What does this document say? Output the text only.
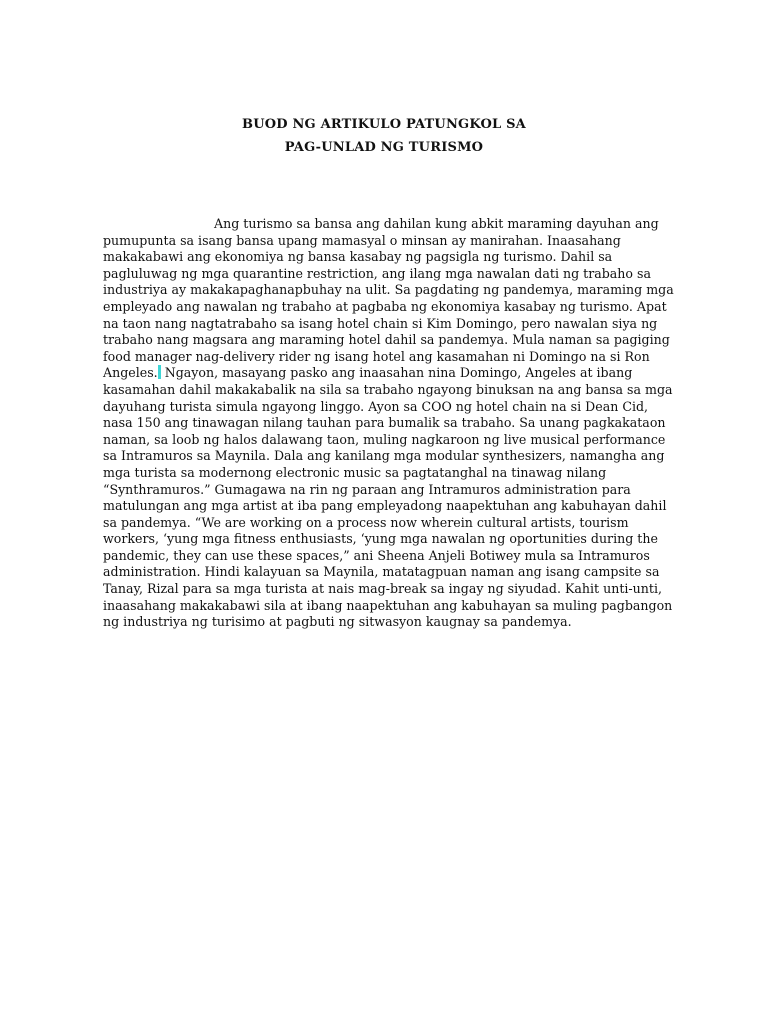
BUOD NG ARTIKULO PATUNGKOL SA
PAG-UNLAD NG TURISMO
Ang turismo sa bansa ang dahilan kung abkit maraming dayuhan ang
pumupunta sa isang bansa upang mamasyal o minsan ay manirahan. Inaasahang
makakabawi ang ekonomiya ng bansa kasabay ng pagsigla ng turismo. Dahil sa
pagluluwag ng mga quarantine restriction, ang ilang mga nawalan dati ng trabaho sa
industriya ay makakapaghanapbuhay na ulit. Sa pagdating ng pandemya, maraming mga
empleyado ang nawalan ng trabaho at pagbaba ng ekonomiya kasabay ng turismo. Apat
na taon nang nagtatrabaho sa isang hotel chain si Kim Domingo, pero nawalan siya ng
trabaho nang magsara ang maraming hotel dahil sa pandemya. Mula naman sa pagiging
food manager nag-delivery rider ng isang hotel ang kasamahan ni Domingo na si Ron
Angeles. Ngayon, masayang pasko ang inaasahan nina Domingo, Angeles at ibang
kasamahan dahil makakabalik na sila sa trabaho ngayong binuksan na ang bansa sa mga
dayuhang turista simula ngayong linggo. Ayon sa COO ng hotel chain na si Dean Cid,
nasa 150 ang tinawagan nilang tauhan para bumalik sa trabaho. Sa unang pagkakataon
naman, sa loob ng halos dalawang taon, muling nagkaroon ng live musical performance
sa Intramuros sa Maynila. Dala ang kanilang mga modular synthesizers, namangha ang
mga turista sa modernong electronic music sa pagtatanghal na tinawag nilang
“Synthramuros.” Gumagawa na rin ng paraan ang Intramuros administration para
matulungan ang mga artist at iba pang empleyadong naapektuhan ang kabuhayan dahil
sa pandemya. “We are working on a process now wherein cultural artists, tourism
workers, ‘yung mga fitness enthusiasts, ‘yung mga nawalan ng oportunities during the
pandemic, they can use these spaces,” ani Sheena Anjeli Botiwey mula sa Intramuros
administration. Hindi kalayuan sa Maynila, matatagpuan naman ang isang campsite sa
Tanay, Rizal para sa mga turista at nais mag-break sa ingay ng siyudad. Kahit unti-unti,
inaasahang makakabawi sila at ibang naapektuhan ang kabuhayan sa muling pagbangon
ng industriya ng turisimo at pagbuti ng sitwasyon kaugnay sa pandemya.
